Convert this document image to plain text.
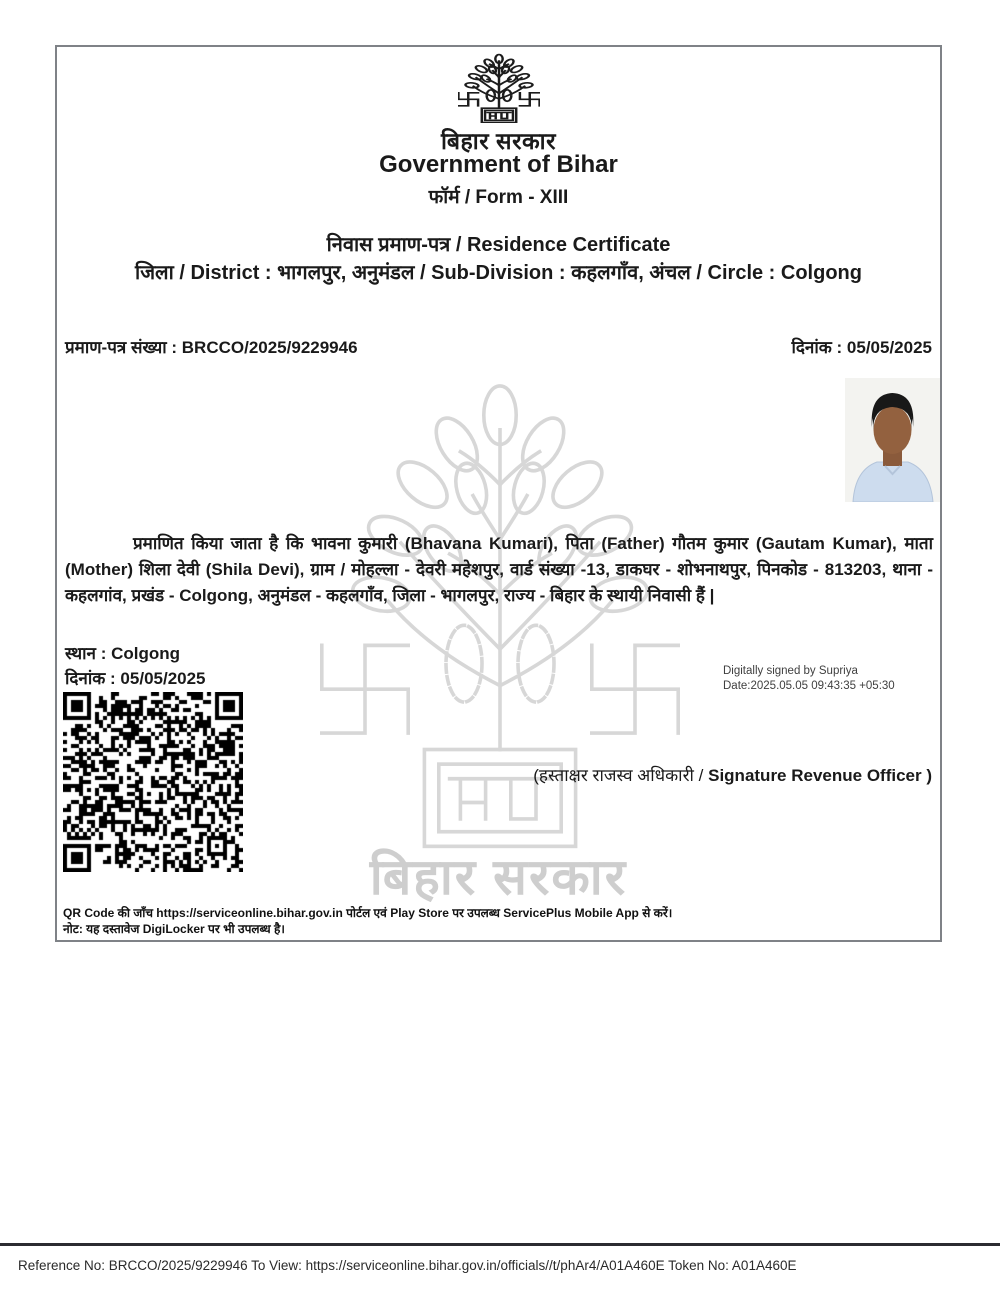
बिहार सरकार
बिहार सरकार
Government of Bihar
फॉर्म / Form - XIII
निवास प्रमाण-पत्र / Residence Certificate
जिला / District : भागलपुर, अनुमंडल / Sub-Division : कहलगाँव, अंचल / Circle : Colgong
प्रमाण-पत्र संख्या : BRCCO/2025/9229946	दिनांक : 05/05/2025
प्रमाणित किया जाता है कि भावना कुमारी (Bhavana Kumari), पिता (Father) गौतम कुमार (Gautam Kumar), माता (Mother) शिला देवी (Shila Devi), ग्राम / मोहल्ला - देवरी महेशपुर, वार्ड संख्या -13, डाकघर - शोभनाथपुर, पिनकोड - 813203, थाना - कहलगांव, प्रखंड - Colgong, अनुमंडल - कहलगाँव, जिला - भागलपुर, राज्य - बिहार के स्थायी निवासी हैं |
स्थान : Colgong
दिनांक : 05/05/2025	Digitally signed by Supriya
Date:2025.05.05 09:43:35 +05:30
(हस्ताक्षर राजस्व अधिकारी / Signature Revenue Officer )
QR Code की जाँच https://serviceonline.bihar.gov.in पोर्टल एवं Play Store पर उपलब्ध ServicePlus Mobile App से करें।
नोट: यह दस्तावेज DigiLocker पर भी उपलब्ध है।
Reference No: BRCCO/2025/9229946 To View: https://serviceonline.bihar.gov.in/officials//t/phAr4/A01A460E Token No: A01A460E
